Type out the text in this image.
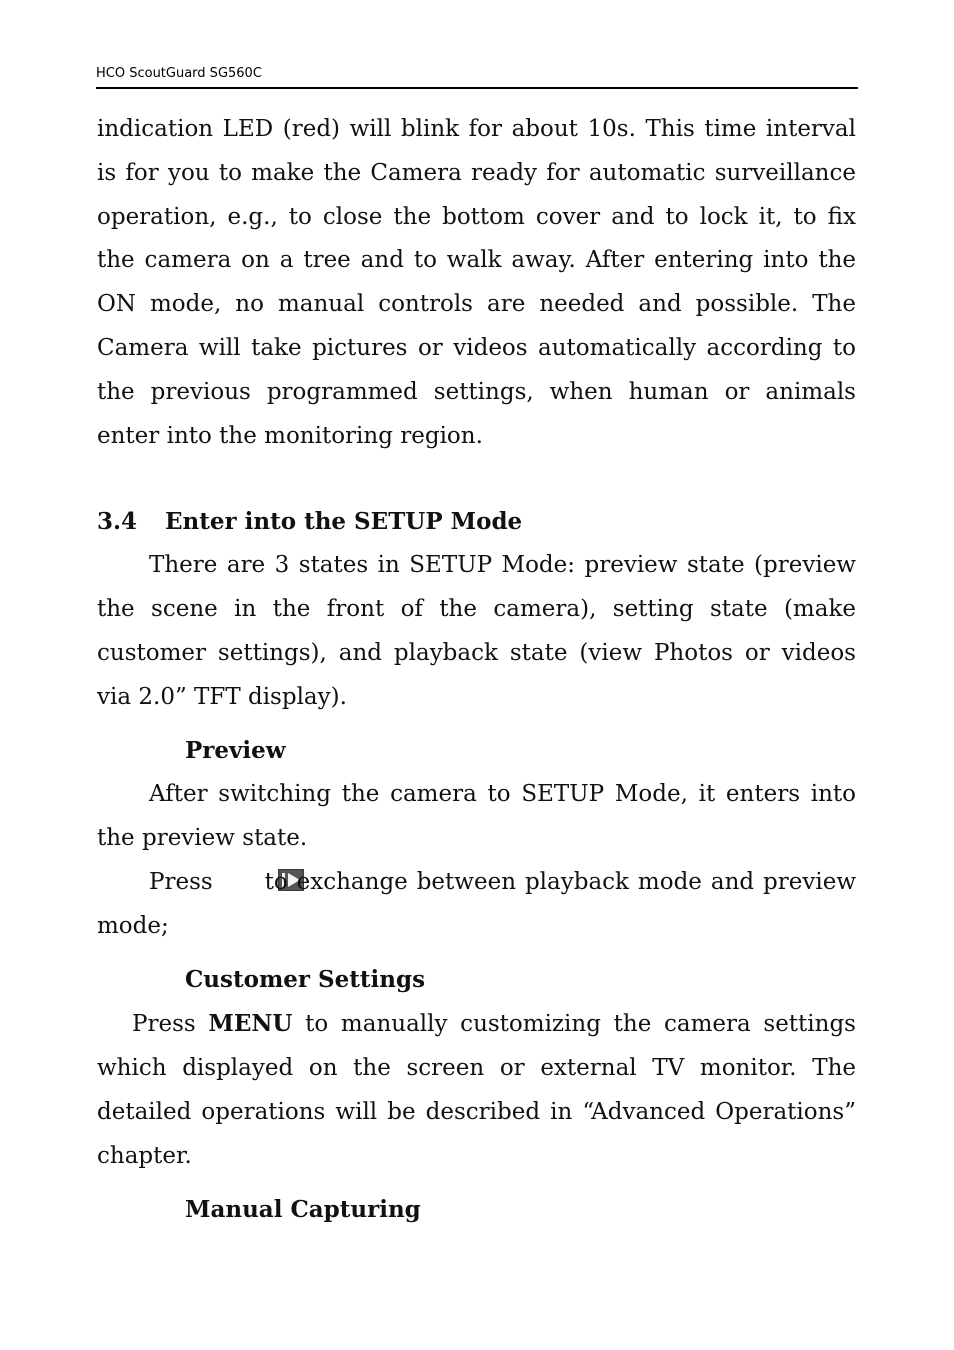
HCO ScoutGuard SG560C

indication LED (red) will blink for about 10s. This time interval is for you to make the Camera ready for automatic surveillance operation, e.g., to close the bottom cover and to lock it, to fix the camera on a tree and to walk away. After entering into the ON mode, no manual controls are needed and possible. The Camera will take pictures or videos automatically according to the previous programmed settings, when human or animals enter into the monitoring region.

3.4 Enter into the SETUP Mode

There are 3 states in SETUP Mode: preview state (preview the scene in the front of the camera), setting state (make customer settings), and playback state (view Photos or videos via 2.0” TFT display).

Preview

After switching the camera to SETUP Mode, it enters into the preview state.

Press to exchange between playback mode and preview mode;

Customer Settings

Press MENU to manually customizing the camera settings which displayed on the screen or external TV monitor. The detailed operations will be described in “Advanced Operations” chapter.

Manual Capturing
